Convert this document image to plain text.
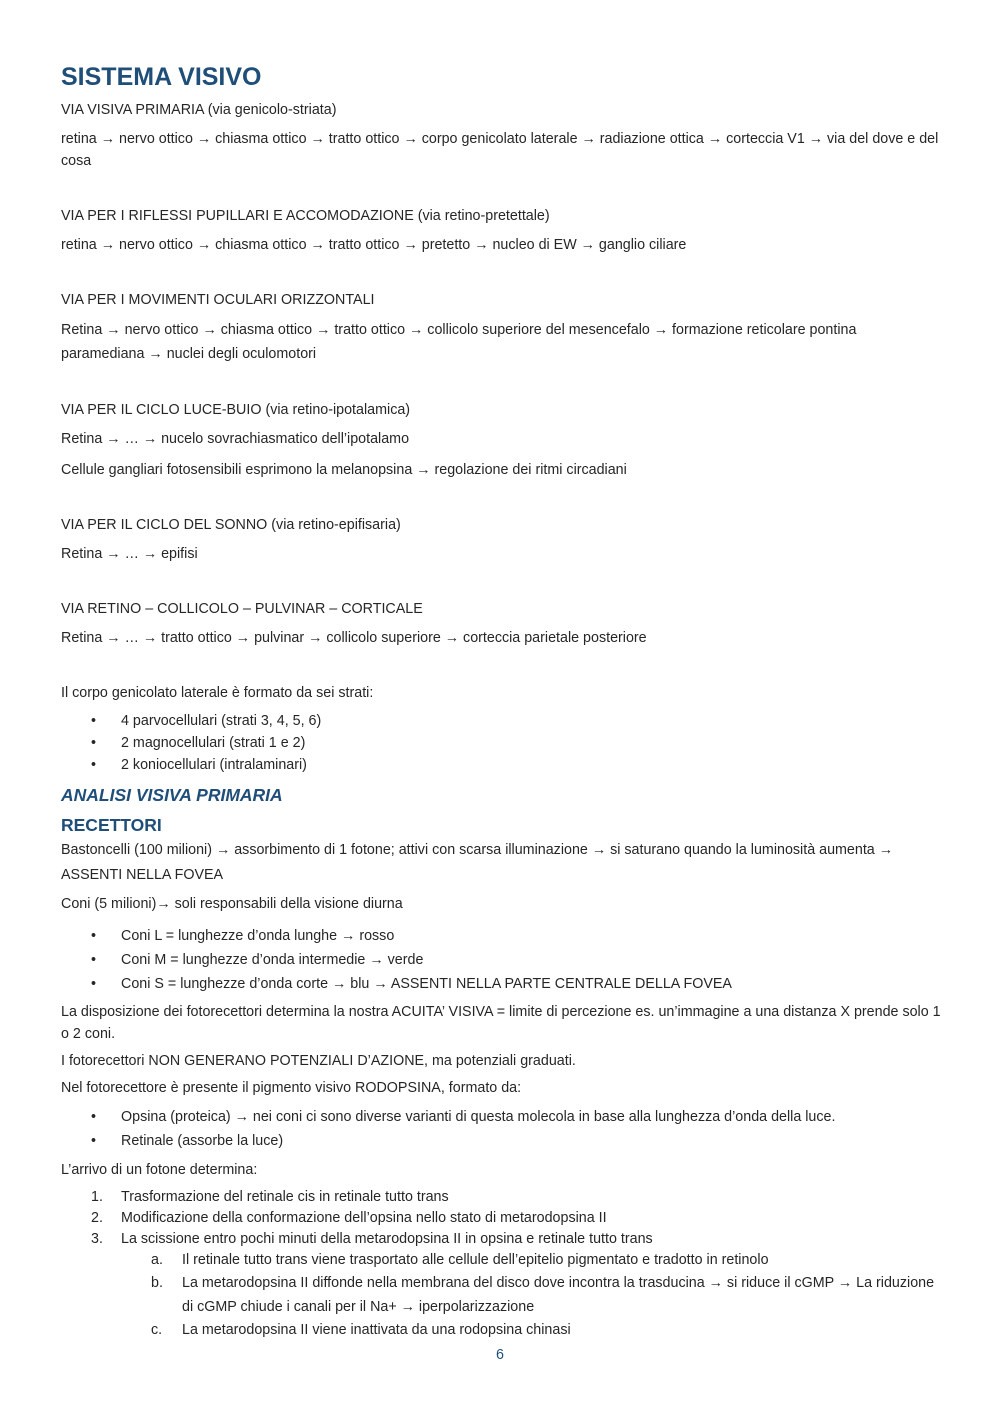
SISTEMA VISIVO

VIA VISIVA PRIMARIA (via genicolo-striata)

retina → nervo ottico → chiasma ottico → tratto ottico → corpo genicolato laterale → radiazione ottica → corteccia V1 → via del dove e del cosa

VIA PER I RIFLESSI PUPILLARI E ACCOMODAZIONE (via retino-pretettale)

retina → nervo ottico → chiasma ottico → tratto ottico → pretetto → nucleo di EW → ganglio ciliare

VIA PER I MOVIMENTI OCULARI ORIZZONTALI

Retina → nervo ottico → chiasma ottico → tratto ottico → collicolo superiore del mesencefalo → formazione reticolare pontina paramediana → nuclei degli oculomotori

VIA PER IL CICLO LUCE-BUIO (via retino-ipotalamica)

Retina → … → nucelo sovrachiasmatico dell’ipotalamo

Cellule gangliari fotosensibili esprimono la melanopsina → regolazione dei ritmi circadiani

VIA PER IL CICLO DEL SONNO (via retino-epifisaria)

Retina → … → epifisi

VIA RETINO – COLLICOLO – PULVINAR – CORTICALE

Retina → … → tratto ottico → pulvinar → collicolo superiore → corteccia parietale posteriore

Il corpo genicolato laterale è formato da sei strati:

• 4 parvocellulari (strati 3, 4, 5, 6)
• 2 magnocellulari (strati 1 e 2)
• 2 koniocellulari (intralaminari)
ANALISI VISIVA PRIMARIA
RECETTORI

Bastoncelli (100 milioni) → assorbimento di 1 fotone; attivi con scarsa illuminazione → si saturano quando la luminosità aumenta → ASSENTI NELLA FOVEA

Coni (5 milioni)→ soli responsabili della visione diurna

• Coni L = lunghezze d’onda lunghe → rosso
• Coni M = lunghezze d’onda intermedie → verde
• Coni S = lunghezze d’onda corte → blu → ASSENTI NELLA PARTE CENTRALE DELLA FOVEA

La disposizione dei fotorecettori determina la nostra ACUITA’ VISIVA = limite di percezione es. un’immagine a una distanza X prende solo 1 o 2 coni.

I fotorecettori NON GENERANO POTENZIALI D’AZIONE, ma potenziali graduati.

Nel fotorecettore è presente il pigmento visivo RODOPSINA, formato da:

• Opsina (proteica) → nei coni ci sono diverse varianti di questa molecola in base alla lunghezza d’onda della luce.
• Retinale (assorbe la luce)

L’arrivo di un fotone determina:

1. Trasformazione del retinale cis in retinale tutto trans
2. Modificazione della conformazione dell’opsina nello stato di metarodopsina II
3. La scissione entro pochi minuti della metarodopsina II in opsina e retinale tutto trans
a. Il retinale tutto trans viene trasportato alle cellule dell’epitelio pigmentato e tradotto in retinolo
b. La metarodopsina II diffonde nella membrana del disco dove incontra la trasducina → si riduce il cGMP → La riduzione di cGMP chiude i canali per il Na+ → iperpolarizzazione
c. La metarodopsina II viene inattivata da una rodopsina chinasi
6
